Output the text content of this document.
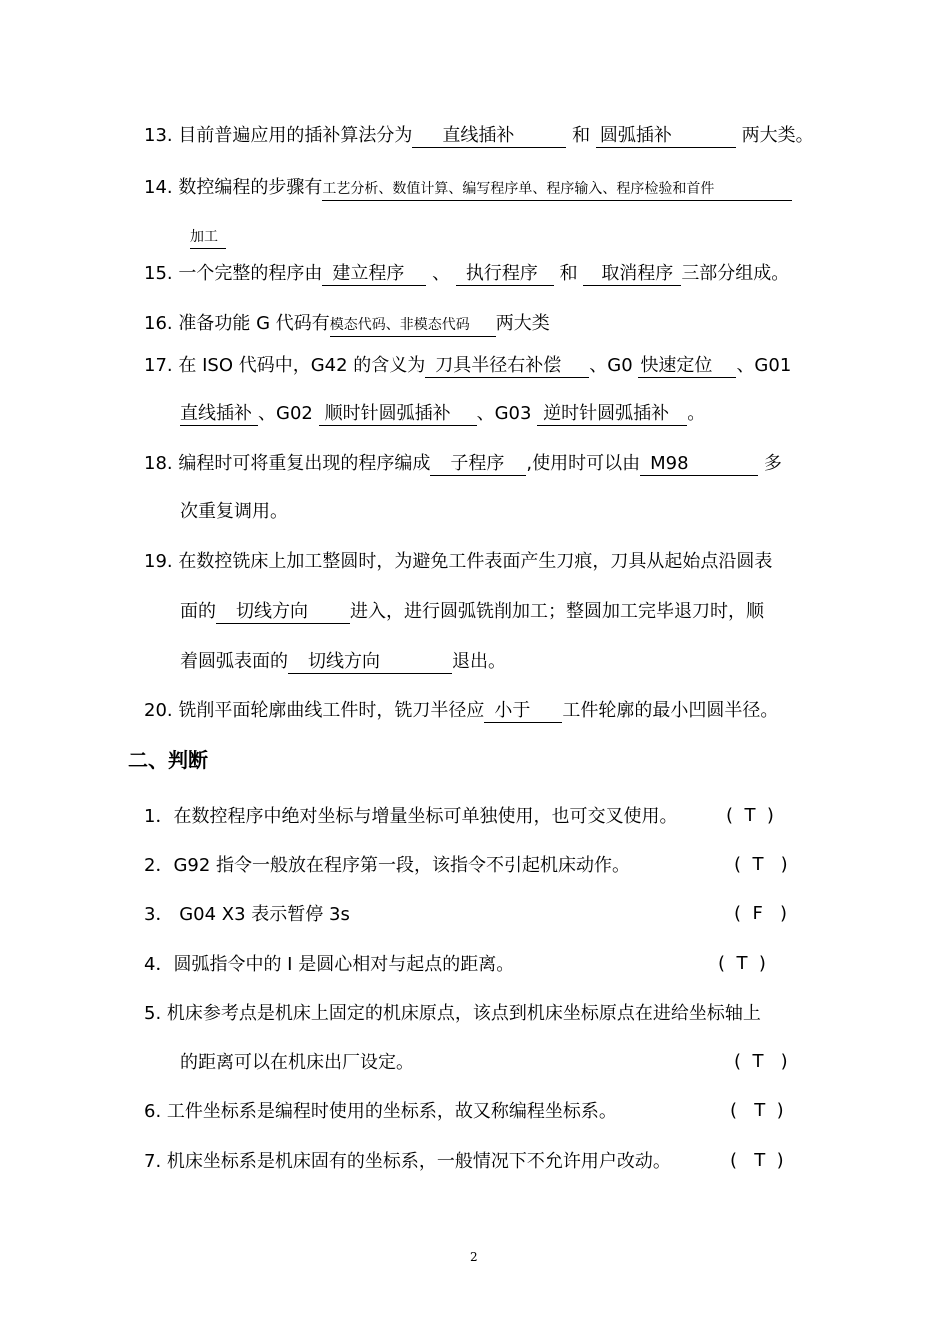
13. 目前普遍应用的插补算法分为 直线插补	和 圆弧插补	两大类。
14. 数控编程的步骤有工艺分析、数值计算、编写程序单、程序输入、程序检验和首件
加工
15. 一个完整的程序由 建立程序 、 执行程序 和 取消程序 三部分组成。
16. 准备功能 G 代码有模态代码、非模态代码 两大类
17. 在 ISO 代码中，G42 的含义为 刀具半径右补偿 、G0 快速定位 、G01
直线插补 、G02 顺时针圆弧插补 、G03 逆时针圆弧插补 。
18. 编程时可将重复出现的程序编成 子程序 ,使用时可以由 M98	多
次重复调用。
19. 在数控铣床上加工整圆时，为避免工件表面产生刀痕，刀具从起始点沿圆表
面的 切线方向 进入，进行圆弧铣削加工；整圆加工完毕退刀时，顺
着圆弧表面的 切线方向	退出。
20. 铣削平面轮廓曲线工件时，铣刀半径应 小于 工件轮廓的最小凹圆半径。
二、判断
1．在数控程序中绝对坐标与增量坐标可单独使用，也可交叉使用。	(  T  )
2．G92 指令一般放在程序第一段，该指令不引起机床动作。	(  T   )
3． G04 X3 表示暂停 3s	(  F   )
4．圆弧指令中的 I 是圆心相对与起点的距离。	(  T  )
5. 机床参考点是机床上固定的机床原点，该点到机床坐标原点在进给坐标轴上
的距离可以在机床出厂设定。	(  T   )
6. 工件坐标系是编程时使用的坐标系，故又称编程坐标系。	(   T  )
7. 机床坐标系是机床固有的坐标系，一般情况下不允许用户改动。	(   T  )
2
